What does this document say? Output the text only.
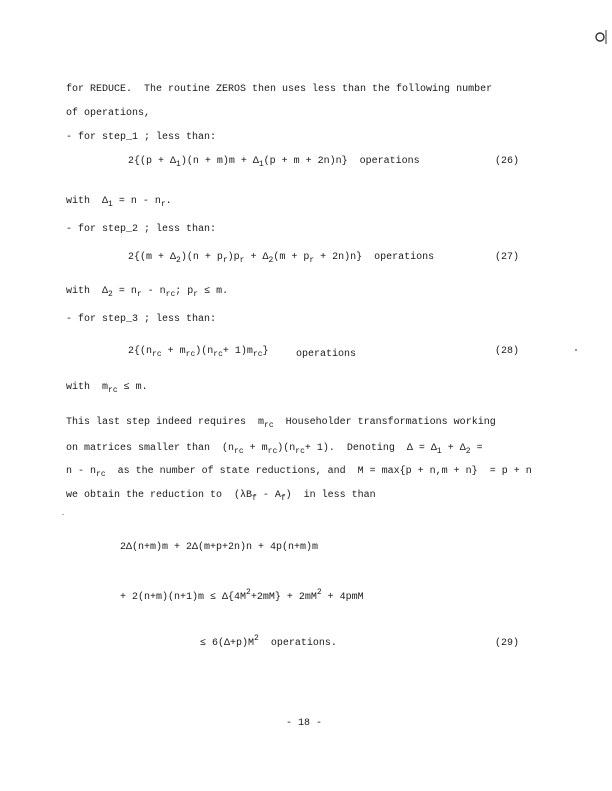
for REDUCE.  The routine ZEROS then uses less than the following number
of operations,
- for step_1 ; less than:
$2\{(p + \Delta_1)(n + m)m + \Delta_1(p + m + 2n)n\}$  operations	(26)
with  $\Delta_1 = n - n_r$.
- for step_2 ; less than:
$2\{(m + \Delta_2)(n + p_r)p_r + \Delta_2(m + p_r + 2n)n\}$  operations	(27)
with  $\Delta_2 = n_r - n_{rc}$; $p_r \le m$.
- for step_3 ; less than:
$2\{(n_{rc} + m_{rc})(n_{rc}+ 1)m_{rc}\}$	operations	(28)
with  $m_{rc} \le m$.
This last step indeed requires  $m_{rc}$  Householder transformations working
on matrices smaller than  $(n_{rc} + m_{rc})(n_{rc}+ 1)$.  Denoting  $\Delta = \Delta_1 + \Delta_2$ =
n - $n_{rc}$  as the number of state reductions, and  M = max{p + n,m + n}  = p + n
we obtain the reduction to  $(\lambda B_f - A_f)$  in less than
2Δ(n+m)m + 2Δ(m+p+2n)n + 4p(n+m)m
+ $2(n+m)(n+1)m \le \Delta\{4M^2+2mM\} + 2mM^2 + 4pmM$
≤ $6(\Delta+p)M^2$  operations.	(29)
- 18 -
